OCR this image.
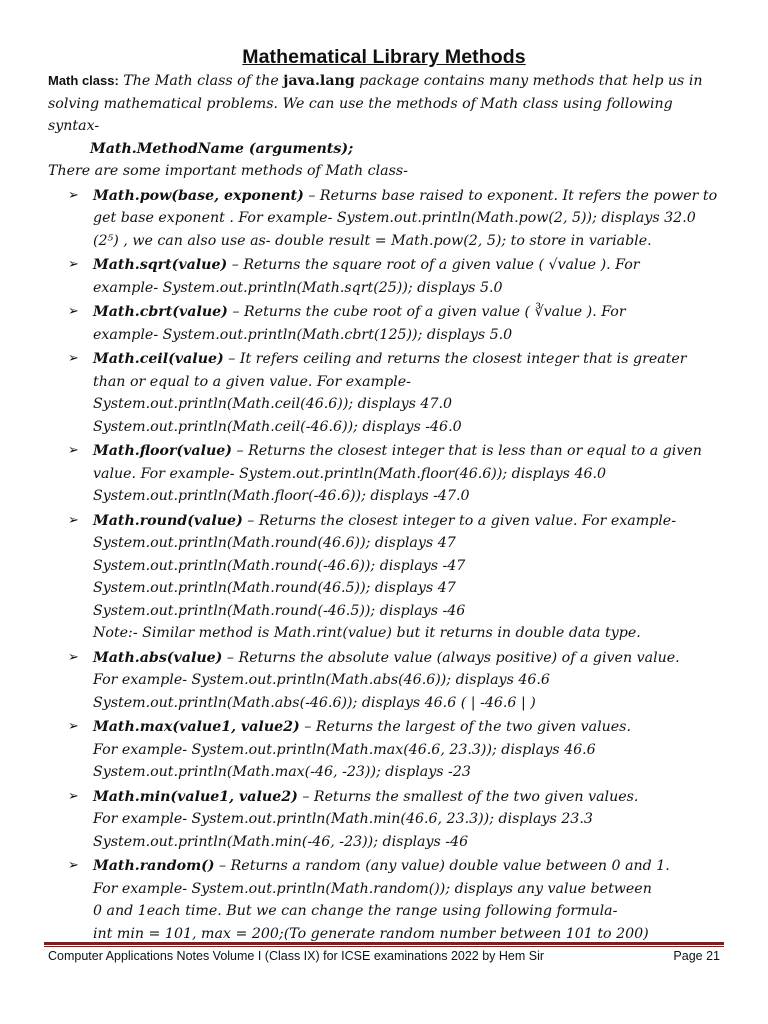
Mathematical Library Methods

Math class: The Math class of the java.lang package contains many methods that help us in solving mathematical problems. We can use the methods of Math class using following syntax-

Math.MethodName (arguments);

There are some important methods of Math class-

➢ Math.pow(base, exponent) – Returns base raised to exponent. It refers the power to
get base exponent . For example- System.out.println(Math.pow(2, 5)); displays 32.0
(2⁵) , we can also use as- double result = Math.pow(2, 5); to store in variable.
➢ Math.sqrt(value) – Returns the square root of a given value ( √value ). For
example- System.out.println(Math.sqrt(25)); displays 5.0
➢ Math.cbrt(value) – Returns the cube root of a given value ( ∛value ). For
example- System.out.println(Math.cbrt(125)); displays 5.0
➢ Math.ceil(value) – It refers ceiling and returns the closest integer that is greater
than or equal to a given value. For example-
System.out.println(Math.ceil(46.6)); displays 47.0
System.out.println(Math.ceil(-46.6)); displays -46.0
➢ Math.floor(value) – Returns the closest integer that is less than or equal to a given
value. For example- System.out.println(Math.floor(46.6)); displays 46.0
System.out.println(Math.floor(-46.6)); displays -47.0
➢ Math.round(value) – Returns the closest integer to a given value. For example-
System.out.println(Math.round(46.6)); displays 47
System.out.println(Math.round(-46.6)); displays -47
System.out.println(Math.round(46.5)); displays 47
System.out.println(Math.round(-46.5)); displays -46
Note:- Similar method is Math.rint(value) but it returns in double data type.
➢ Math.abs(value) – Returns the absolute value (always positive) of a given value.
For example- System.out.println(Math.abs(46.6)); displays 46.6
System.out.println(Math.abs(-46.6)); displays 46.6 ( | -46.6 | )
➢ Math.max(value1, value2) – Returns the largest of the two given values.
For example- System.out.println(Math.max(46.6, 23.3)); displays 46.6
System.out.println(Math.max(-46, -23)); displays -23
➢ Math.min(value1, value2) – Returns the smallest of the two given values.
For example- System.out.println(Math.min(46.6, 23.3)); displays 23.3
System.out.println(Math.min(-46, -23)); displays -46
➢ Math.random() – Returns a random (any value) double value between 0 and 1.
For example- System.out.println(Math.random()); displays any value between
0 and 1each time. But we can change the range using following formula-
int min = 101, max = 200;(To generate random number between 101 to 200)
Computer Applications Notes Volume I (Class IX) for ICSE examinations 2022 by Hem Sir	Page 21
